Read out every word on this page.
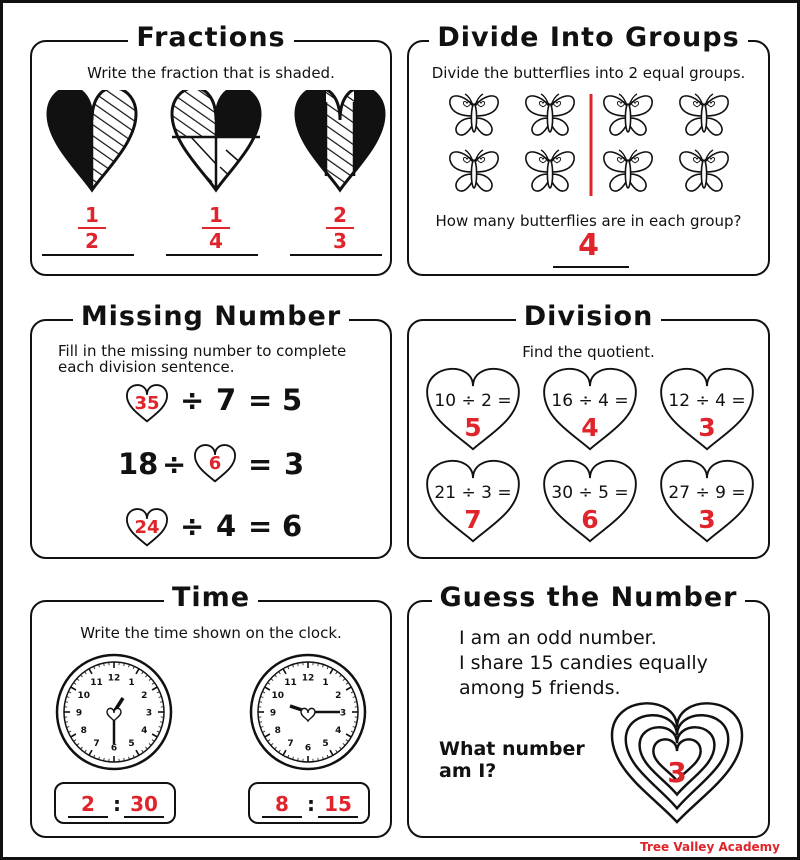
Fractions
Write the fraction that is shaded.
1
2
1
4
2
3
Divide Into Groups
Divide the butterflies into 2 equal groups.
How many butterflies are in each group?
4
Missing Number
Fill in the missing number to complete
each division sentence.
35 ÷ 7 = 5
18 ÷	6 = 3
24 ÷ 4 = 6
Division
Find the quotient.
10 ÷ 2 =
5
16 ÷ 4 =
4
12 ÷ 4 =
3
21 ÷ 3 =
7
30 ÷ 5 =
6
27 ÷ 9 =
3
Time
Write the time shown on the clock.
12 1
2
3
4
5
6
7
8
9
10
11	12 1
2
3
4
5
6
7
8
9
10
11
2 : 30	8 : 15
Guess the Number
I am an odd number.
I share 15 candies equally
among 5 friends.
What number
am I?	3
Tree Valley Academy
